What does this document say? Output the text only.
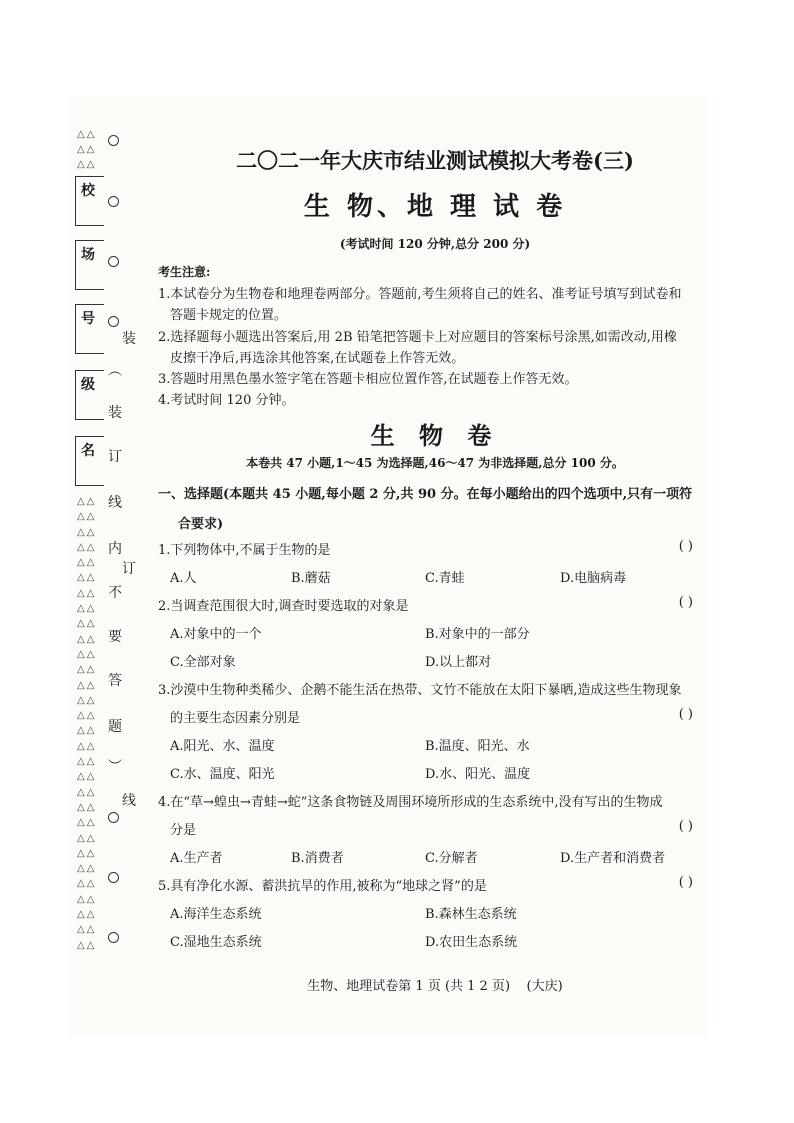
△△
△△
△△
校
场
号
级
名
装
︵
装
订
线
内
订
不
要
答
题
︶
线
△△
△△
△△
△△
△△
△△
△△
△△
△△
△△
△△
△△
△△
△△
△△
△△
△△
△△
△△
△△
△△
△△
△△
△△
△△
△△
△△
△△
△△
△△
二〇二一年大庆市结业测试模拟大考卷(三)
生 物、地 理 试 卷
(考试时间 120 分钟,总分 200 分)
考生注意:
1.本试卷分为生物卷和地理卷两部分。答题前,考生须将自己的姓名、准考证号填写到试卷和
答题卡规定的位置。
2.选择题每小题选出答案后,用 2B 铅笔把答题卡上对应题目的答案标号涂黑,如需改动,用橡
皮擦干净后,再选涂其他答案,在试题卷上作答无效。
3.答题时用黑色墨水签字笔在答题卡相应位置作答,在试题卷上作答无效。
4.考试时间 120 分钟。
生 物 卷
本卷共 47 小题,1～45 为选择题,46～47 为非选择题,总分 100 分。
一、选择题(本题共 45 小题,每小题 2 分,共 90 分。在每小题给出的四个选项中,只有一项符
合要求)
1.下列物体中,不属于生物的是	( )
A.人	B.蘑菇	C.青蛙	D.电脑病毒
2.当调查范围很大时,调查时要选取的对象是	( )
A.对象中的一个	B.对象中的一部分
C.全部对象	D.以上都对
3.沙漠中生物种类稀少、企鹅不能生活在热带、文竹不能放在太阳下暴晒,造成这些生物现象
的主要生态因素分别是	( )
A.阳光、水、温度	B.温度、阳光、水
C.水、温度、阳光	D.水、阳光、温度
4.在“草→蝗虫→青蛙→蛇”这条食物链及周围环境所形成的生态系统中,没有写出的生物成
分是	( )
A.生产者	B.消费者	C.分解者	D.生产者和消费者
5.具有净化水源、蓄洪抗旱的作用,被称为“地球之肾”的是	( )
A.海洋生态系统	B.森林生态系统
C.湿地生态系统	D.农田生态系统
生物、地理试卷第 1 页 (共 1 2 页)    (大庆)
